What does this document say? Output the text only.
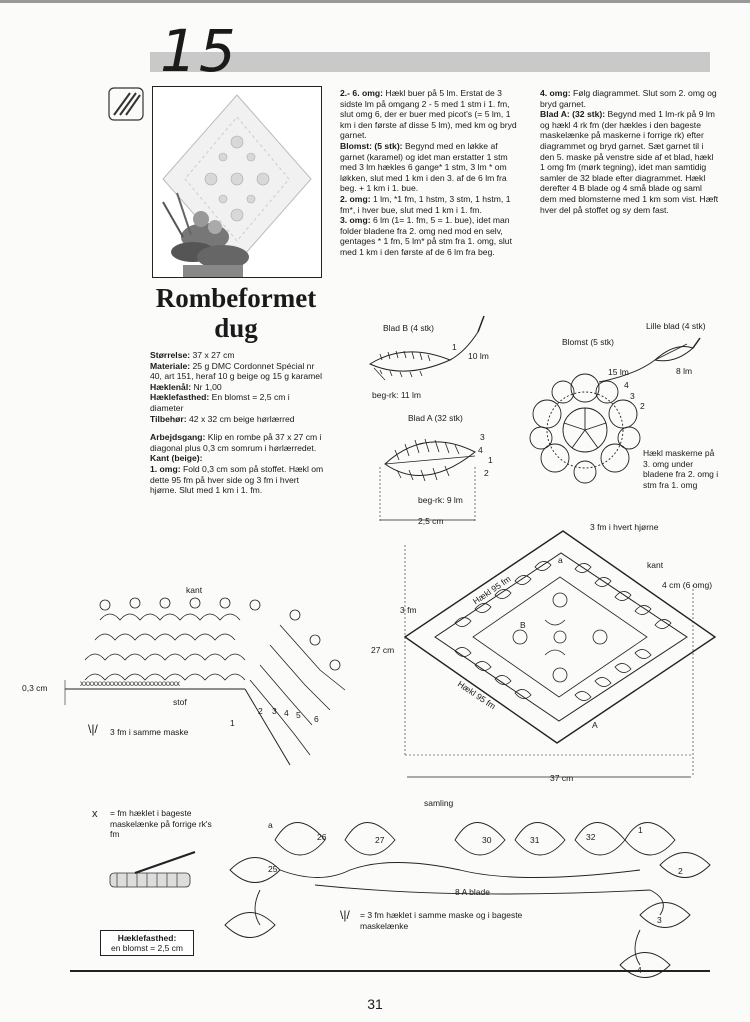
15
Rombeformet
dug

Størrelse: 37 x 27 cm

Materiale: 25 g DMC Cordonnet Spécial nr 40, art 151, heraf 10 g beige og 15 g karamel

Hæklenål: Nr 1,00

Hæklefasthed: En blomst = 2,5 cm i diameter

Tilbehør: 42 x 32 cm beige hørlærred

Arbejdsgang: Klip en rombe på 37 x 27 cm i diagonal plus 0,3 cm somrum i hørlærredet.

Kant (beige):

1. omg: Fold 0,3 cm som på stoffet. Hækl om dette 95 fm på hver side og 3 fm i hvert hjørne. Slut med 1 km i 1. fm.

2.- 6. omg: Hækl buer på 5 lm. Erstat de 3 sidste lm på omgang 2 - 5 med 1 stm i 1. fm, slut omg 6, der er buer med picot's (= 5 lm, 1 km i den første af disse 5 lm), med km og bryd garnet.

Blomst: (5 stk): Begynd med en løkke af garnet (karamel) og idet man erstatter 1 stm med 3 lm hækles 6 gange* 1 stm, 3 lm * om løkken, slut med 1 km i den 3. af de 6 lm fra beg. + 1 km i 1. bue.

2. omg: 1 lm, *1 fm, 1 hstm, 3 stm, 1 hstm, 1 fm*, i hver bue, slut med 1 km i 1. fm.

3. omg: 6 lm (1= 1. fm, 5 = 1. bue), idet man folder bladene fra 2. omg ned mod en selv, gentages * 1 fm, 5 lm* på stm fra 1. omg, slut med 1 km i den første af de 6 lm fra beg.

4. omg: Følg diagrammet. Slut som 2. omg og bryd garnet.

Blad A: (32 stk): Begynd med 1 lm-rk på 9 lm og hækl 4 rk fm (der hækles i den bageste maskelænke på maskerne i forrige rk) efter diagrammet og bryd garnet. Sæt garnet til i den 5. maske på venstre side af et blad, hækl 1 omg fm (mørk tegning), idet man samtidig samler de 32 blade efter diagrammet. Hækl derefter 4 B blade og 4 små blade og saml dem med blomsterne med 1 km som vist. Hæft hver del på stoffet og sy dem fast.

Blad B (4 stk)
10 lm
1
beg-rk: 11 lm
Blad A (32 stk)
3
4
1
2
beg-rk: 9 lm
2,5 cm
Blomst (5 stk)
Lille blad (4 stk)
15 lm	8 lm
4
3
2
Hækl maskerne på 3. omg under bladene fra 2. omg i stm fra 1. omg
3 fm i hvert hjørne
kant
4 cm (6 omg)
3 fm
27 cm
37 cm
Hækl 95 fm
Hækl 95 fm
a
B
A
kant
xxxxxxxxxxxxxxxxxxxxxxxxx
0,3 cm
stof
1
2 3 4 5 6
\|/ 3 fm i samme maske
x = fm hæklet i bageste maskelænke på forrige rk's fm
Hæklefasthed:
en blomst = 2,5 cm
samling
a
26	27
25
30	31	32
1
2
3
8 A blade
\|/ = 3 fm hæklet i samme maske og i bageste maskelænke
31
